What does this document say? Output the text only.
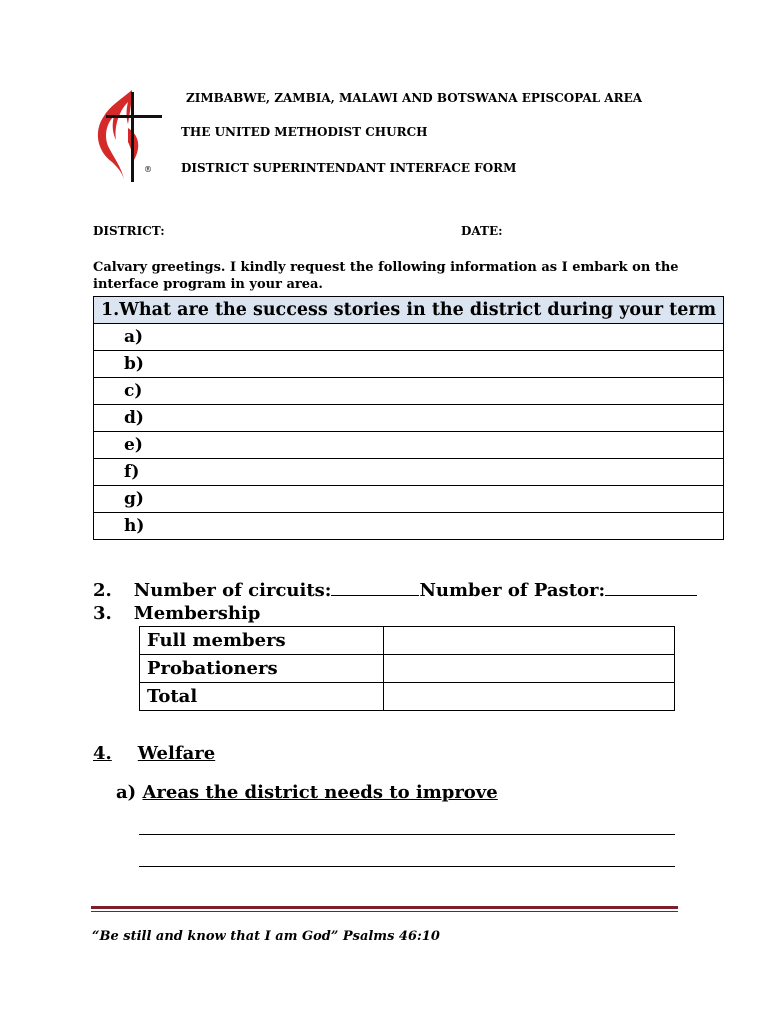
®
ZIMBABWE, ZAMBIA, MALAWI AND BOTSWANA EPISCOPAL AREA
THE UNITED METHODIST CHURCH
DISTRICT SUPERINTENDANT INTERFACE FORM
DISTRICT:	DATE:
Calvary greetings. I kindly request the following information as I embark on the interface program in your area.
1.What are the success stories in the district during your term
a)
b)
c)
d)
e)
f)
g)
h)
2. Number of circuits:	Number of Pastor:
3. Membership
Full members	
Probationers	
Total	
4. Welfare
a) Areas the district needs to improve
“Be still and know that I am God” Psalms 46:10
